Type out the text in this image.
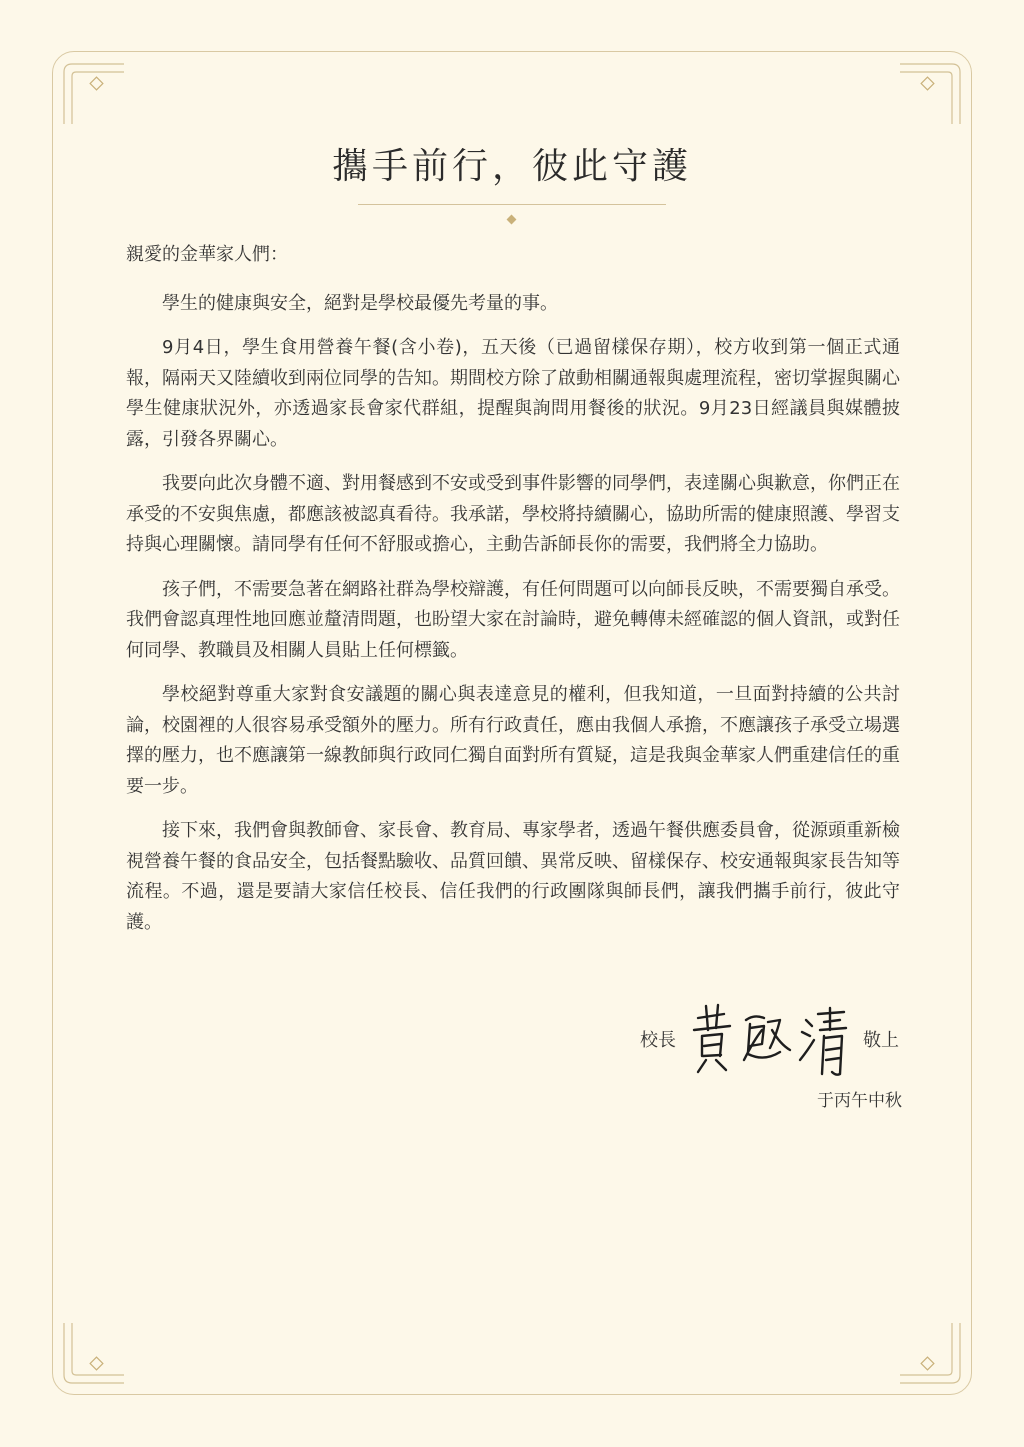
攜手前行，彼此守護

親愛的金華家人們：

學生的健康與安全，絕對是學校最優先考量的事。

9月4日，學生食用營養午餐(含小卷)，五天後（已過留樣保存期），校方收到第一個正式通報，隔兩天又陸續收到兩位同學的告知。期間校方除了啟動相關通報與處理流程，密切掌握與關心學生健康狀況外，亦透過家長會家代群組，提醒與詢問用餐後的狀況。9月23日經議員與媒體披露，引發各界關心。

我要向此次身體不適、對用餐感到不安或受到事件影響的同學們，表達關心與歉意，你們正在承受的不安與焦慮，都應該被認真看待。我承諾，學校將持續關心，協助所需的健康照護、學習支持與心理關懷。請同學有任何不舒服或擔心，主動告訴師長你的需要，我們將全力協助。

孩子們，不需要急著在網路社群為學校辯護，有任何問題可以向師長反映，不需要獨自承受。我們會認真理性地回應並釐清問題，也盼望大家在討論時，避免轉傳未經確認的個人資訊，或對任何同學、教職員及相關人員貼上任何標籤。

學校絕對尊重大家對食安議題的關心與表達意見的權利，但我知道，一旦面對持續的公共討論，校園裡的人很容易承受額外的壓力。所有行政責任，應由我個人承擔，不應讓孩子承受立場選擇的壓力，也不應讓第一線教師與行政同仁獨自面對所有質疑，這是我與金華家人們重建信任的重要一步。

接下來，我們會與教師會、家長會、教育局、專家學者，透過午餐供應委員會，從源頭重新檢視營養午餐的食品安全，包括餐點驗收、品質回饋、異常反映、留樣保存、校安通報與家長告知等流程。不過，還是要請大家信任校長、信任我們的行政團隊與師長們，讓我們攜手前行，彼此守護。

校長	敬上
于丙午中秋
